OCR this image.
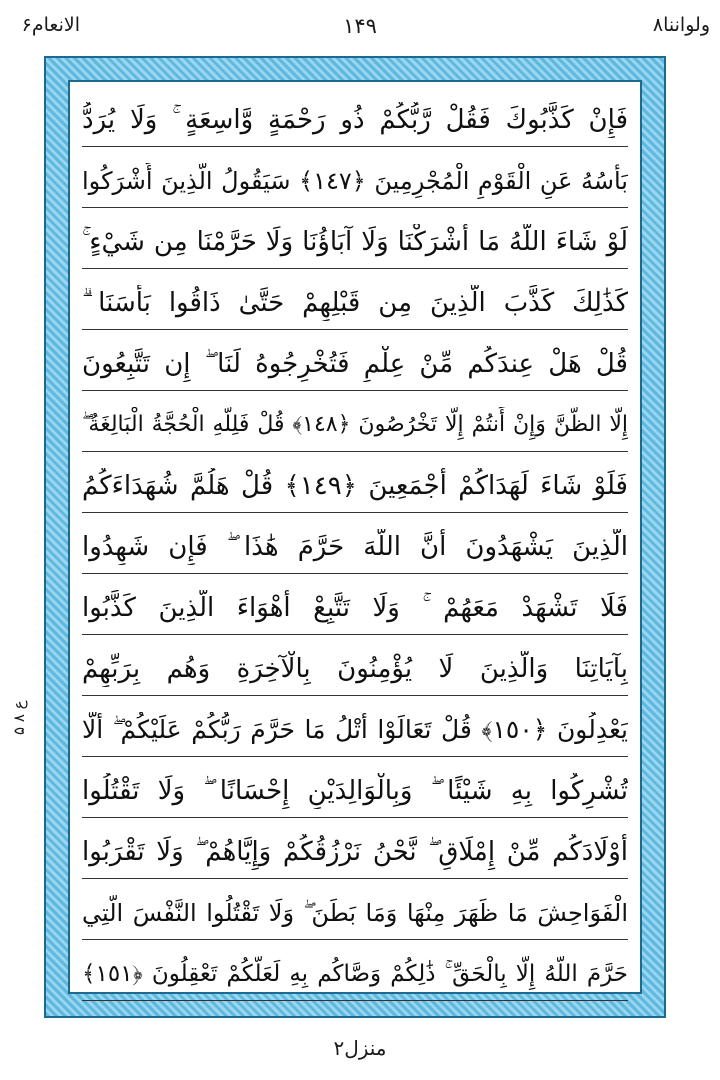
الانعام۶	۱۴۹	ولواننا۸
ع ۸ ۵
فَإِنْ كَذَّبُوكَ فَقُلْ رَّبُّكُمْ ذُو رَحْمَةٍ وَّاسِعَةٍ ۚ وَلَا يُرَدُّ
بَأْسُهُ عَنِ الْقَوْمِ الْمُجْرِمِينَ ﴿١٤٧﴾ سَيَقُولُ الَّذِينَ أَشْرَكُوا
لَوْ شَاءَ اللَّهُ مَا أَشْرَكْنَا وَلَا آبَاؤُنَا وَلَا حَرَّمْنَا مِن شَيْءٍ ۚ
كَذَٰلِكَ كَذَّبَ الَّذِينَ مِن قَبْلِهِمْ حَتَّىٰ ذَاقُوا بَأْسَنَا ۗ
قُلْ هَلْ عِندَكُم مِّنْ عِلْمٍ فَتُخْرِجُوهُ لَنَا ۖ إِن تَتَّبِعُونَ
إِلَّا الظَّنَّ وَإِنْ أَنتُمْ إِلَّا تَخْرُصُونَ ﴿١٤٨﴾ قُلْ فَلِلَّهِ الْحُجَّةُ الْبَالِغَةُ ۖ
فَلَوْ شَاءَ لَهَدَاكُمْ أَجْمَعِينَ ﴿١٤٩﴾ قُلْ هَلُمَّ شُهَدَاءَكُمُ
الَّذِينَ يَشْهَدُونَ أَنَّ اللَّهَ حَرَّمَ هَٰذَا ۖ فَإِن شَهِدُوا
فَلَا تَشْهَدْ مَعَهُمْ ۚ وَلَا تَتَّبِعْ أَهْوَاءَ الَّذِينَ كَذَّبُوا
بِآيَاتِنَا وَالَّذِينَ لَا يُؤْمِنُونَ بِالْآخِرَةِ وَهُم بِرَبِّهِمْ
يَعْدِلُونَ ﴿١٥٠﴾ قُلْ تَعَالَوْا أَتْلُ مَا حَرَّمَ رَبُّكُمْ عَلَيْكُمْ ۖ أَلَّا
تُشْرِكُوا بِهِ شَيْئًا ۖ وَبِالْوَالِدَيْنِ إِحْسَانًا ۖ وَلَا تَقْتُلُوا
أَوْلَادَكُم مِّنْ إِمْلَاقٍ ۖ نَّحْنُ نَرْزُقُكُمْ وَإِيَّاهُمْ ۖ وَلَا تَقْرَبُوا
الْفَوَاحِشَ مَا ظَهَرَ مِنْهَا وَمَا بَطَنَ ۖ وَلَا تَقْتُلُوا النَّفْسَ الَّتِي
حَرَّمَ اللَّهُ إِلَّا بِالْحَقِّ ۚ ذَٰلِكُمْ وَصَّاكُم بِهِ لَعَلَّكُمْ تَعْقِلُونَ ﴿١٥١﴾
منزل۲
